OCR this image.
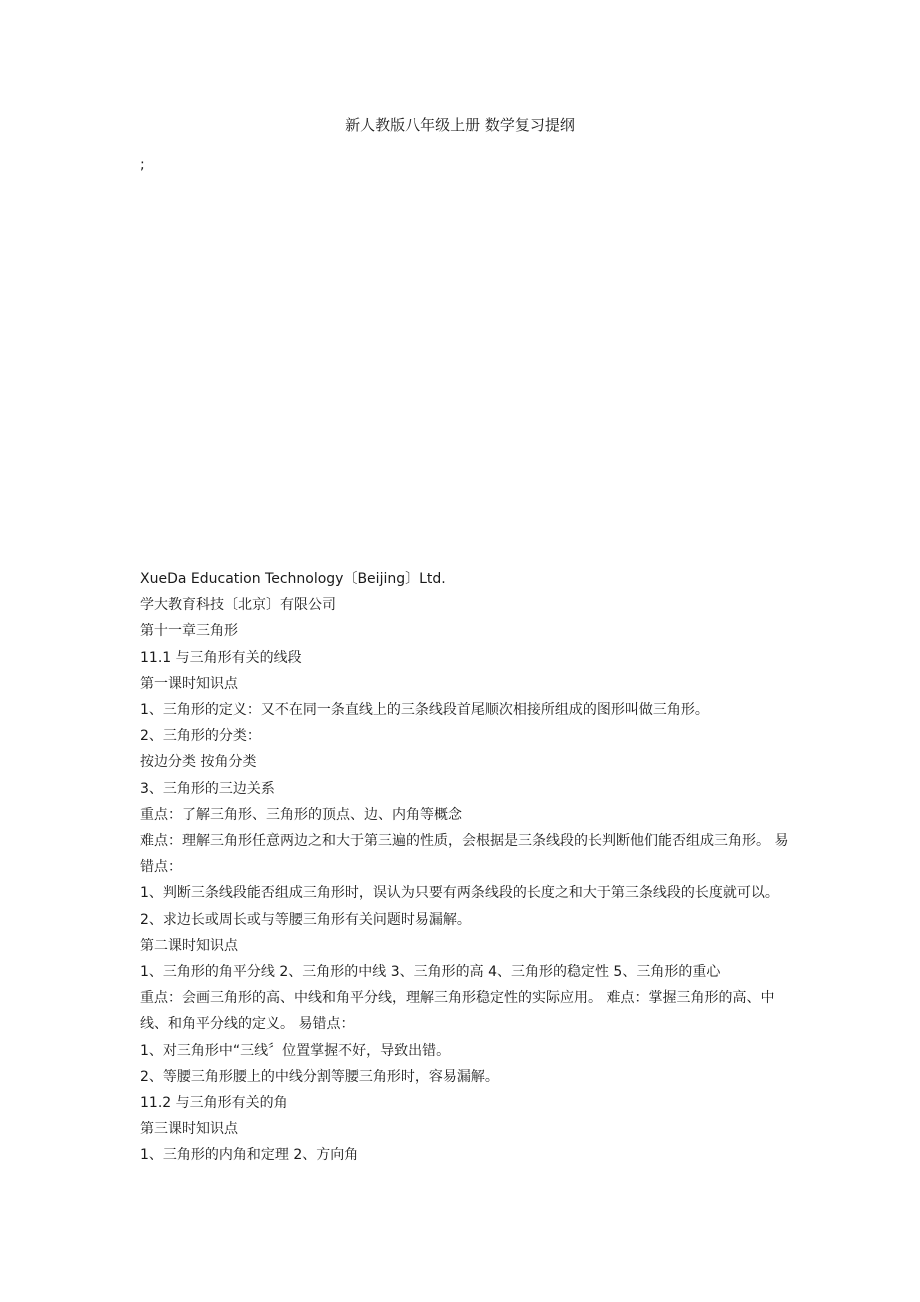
新人教版八年级上册 数学复习提纲
;
XueDa Education Technology〔Beijing〕Ltd.
学大教育科技〔北京〕有限公司
第十一章三角形
11.1 与三角形有关的线段
第一课时知识点
1、三角形的定义：又不在同一条直线上的三条线段首尾顺次相接所组成的图形叫做三角形。
2、三角形的分类：
按边分类 按角分类
3、三角形的三边关系
重点：了解三角形、三角形的顶点、边、内角等概念
难点：理解三角形任意两边之和大于第三遍的性质，会根据是三条线段的长判断他们能否组成三角形。 易错点：
1、判断三条线段能否组成三角形时，误认为只要有两条线段的长度之和大于第三条线段的长度就可以。 2、求边长或周长或与等腰三角形有关问题时易漏解。
第二课时知识点
1、三角形的角平分线 2、三角形的中线 3、三角形的高 4、三角形的稳定性 5、三角形的重心
重点：会画三角形的高、中线和角平分线，理解三角形稳定性的实际应用。 难点：掌握三角形的高、中线、和角平分线的定义。 易错点：
1、对三角形中“三线〞位置掌握不好，导致出错。
2、等腰三角形腰上的中线分割等腰三角形时，容易漏解。
11.2 与三角形有关的角
第三课时知识点
1、三角形的内角和定理 2、方向角
